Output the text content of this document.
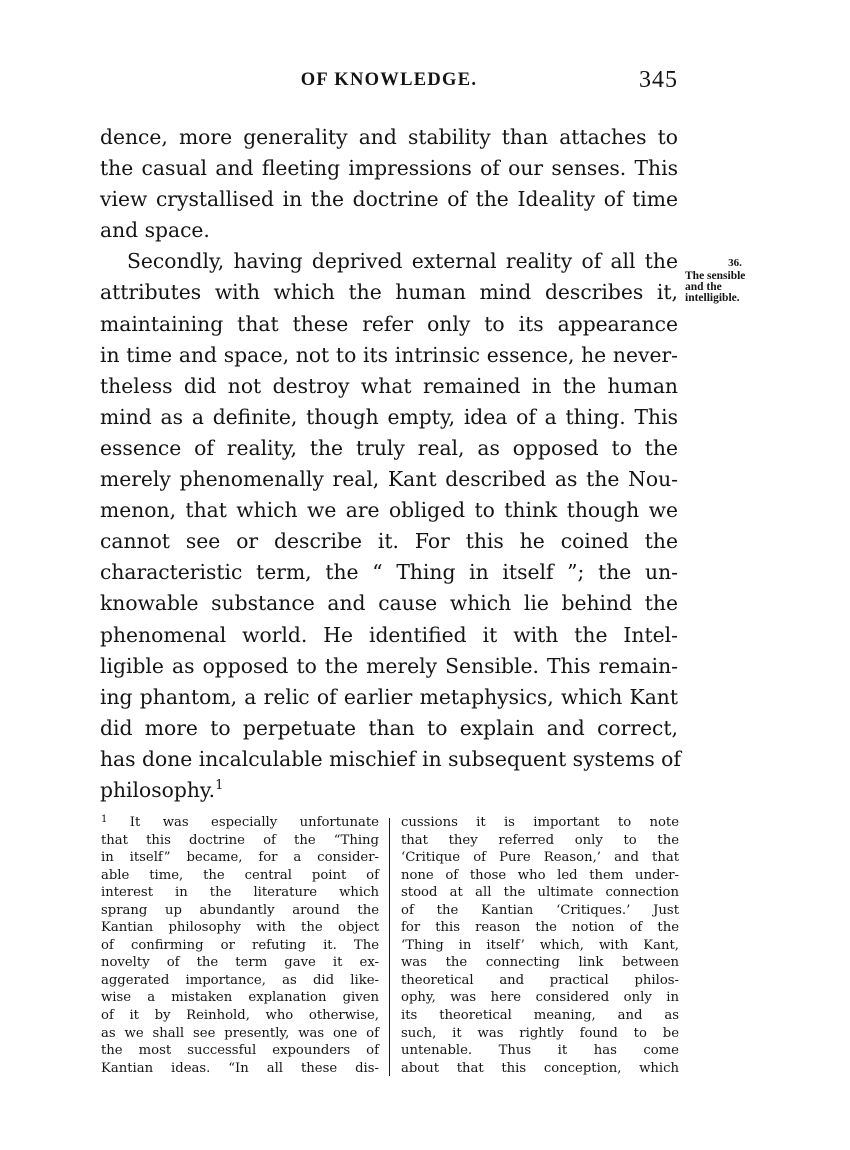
OF KNOWLEDGE.	345
dence, more generality and stability than attaches to
the casual and fleeting impressions of our senses. This
view crystallised in the doctrine of the Ideality of time
and space.
Secondly, having deprived external reality of all the
attributes with which the human mind describes it,
maintaining that these refer only to its appearance
in time and space, not to its intrinsic essence, he never-
theless did not destroy what remained in the human
mind as a definite, though empty, idea of a thing. This
essence of reality, the truly real, as opposed to the
merely phenomenally real, Kant described as the Nou-
menon, that which we are obliged to think though we
cannot see or describe it. For this he coined the
characteristic term, the “ Thing in itself ”; the un-
knowable substance and cause which lie behind the
phenomenal world. He identified it with the Intel-
ligible as opposed to the merely Sensible. This remain-
ing phantom, a relic of earlier metaphysics, which Kant
did more to perpetuate than to explain and correct,
has done incalculable mischief in subsequent systems of
philosophy.$^1$
36.
The sensible
and the
intelligible.
$^1$ It was especially unfortunate
that this doctrine of the “Thing
in itself” became, for a consider-
able time, the central point of
interest in the literature which
sprang up abundantly around the
Kantian philosophy with the object
of confirming or refuting it. The
novelty of the term gave it ex-
aggerated importance, as did like-
wise a mistaken explanation given
of it by Reinhold, who otherwise,
as we shall see presently, was one of
the most successful expounders of
Kantian ideas. “In all these dis-
cussions it is important to note
that they referred only to the
‘Critique of Pure Reason,’ and that
none of those who led them under-
stood at all the ultimate connection
of the Kantian ‘Critiques.’ Just
for this reason the notion of the
‘Thing in itself’ which, with Kant,
was the connecting link between
theoretical and practical philos-
ophy, was here considered only in
its theoretical meaning, and as
such, it was rightly found to be
untenable. Thus it has come
about that this conception, which
